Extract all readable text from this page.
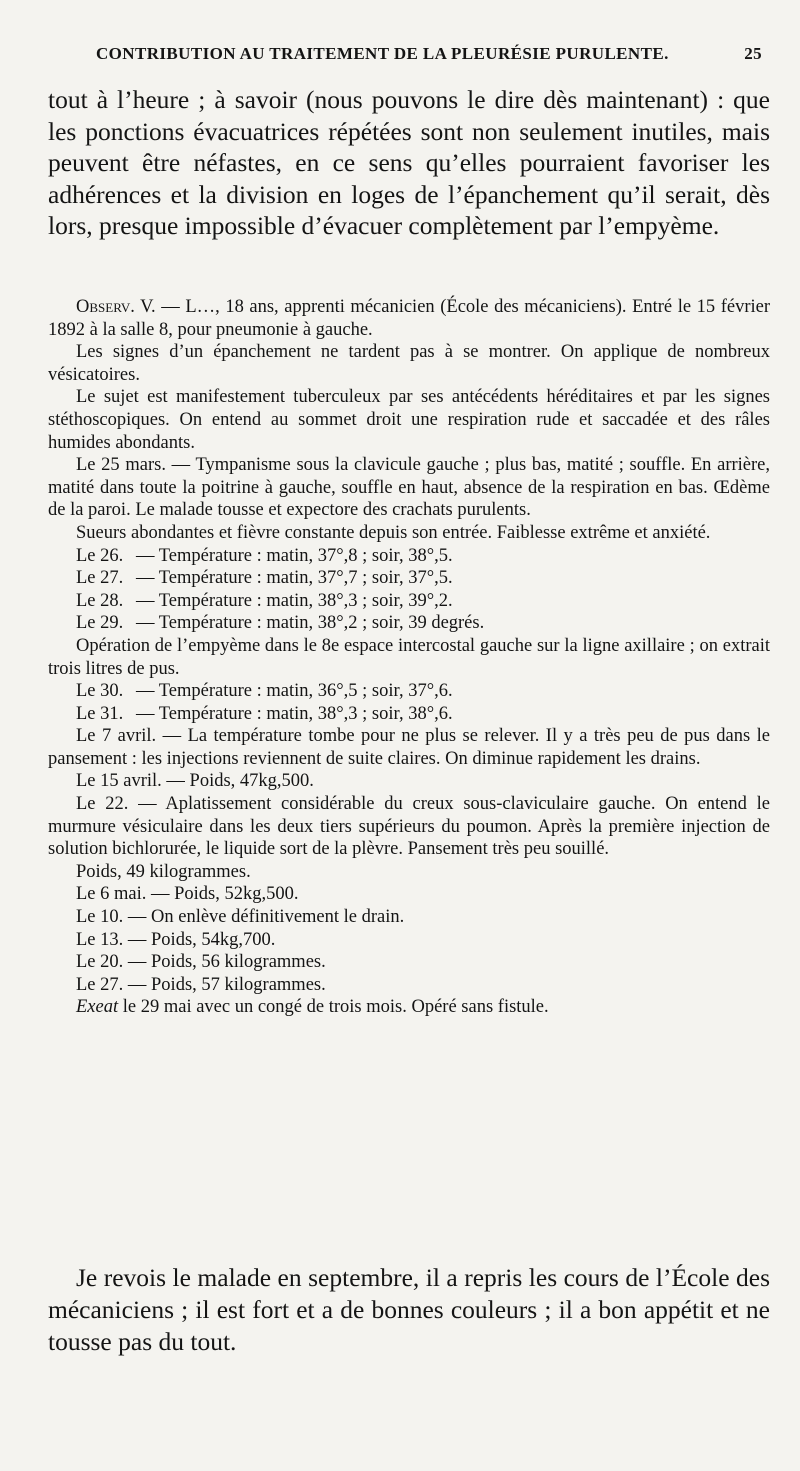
CONTRIBUTION AU TRAITEMENT DE LA PLEURÉSIE PURULENTE.	25
tout à l’heure ; à savoir (nous pouvons le dire dès maintenant) : que les ponctions évacuatrices répétées sont non seulement inutiles, mais peuvent être néfastes, en ce sens qu’elles pourraient favoriser les adhérences et la division en loges de l’épanchement qu’il serait, dès lors, presque impossible d’évacuer complètement par l’empyème.

Observ. V. — L…, 18 ans, apprenti mécanicien (École des mécaniciens). Entré le 15 février 1892 à la salle 8, pour pneumonie à gauche.

Les signes d’un épanchement ne tardent pas à se montrer. On applique de nombreux vésicatoires.

Le sujet est manifestement tuberculeux par ses antécédents héréditaires et par les signes stéthoscopiques. On entend au sommet droit une respiration rude et saccadée et des râles humides abondants.

Le 25 mars. — Tympanisme sous la clavicule gauche ; plus bas, matité ; souffle. En arrière, matité dans toute la poitrine à gauche, souffle en haut, absence de la respiration en bas. Œdème de la paroi. Le malade tousse et expectore des crachats purulents.

Sueurs abondantes et fièvre constante depuis son entrée. Faiblesse extrême et anxiété.

Le 26. — Température : matin, 37°,8 ; soir, 38°,5.

Le 27. — Température : matin, 37°,7 ; soir, 37°,5.

Le 28. — Température : matin, 38°,3 ; soir, 39°,2.

Le 29. — Température : matin, 38°,2 ; soir, 39 degrés.

Opération de l’empyème dans le 8e espace intercostal gauche sur la ligne axillaire ; on extrait trois litres de pus.

Le 30. — Température : matin, 36°,5 ; soir, 37°,6.

Le 31. — Température : matin, 38°,3 ; soir, 38°,6.

Le 7 avril. — La température tombe pour ne plus se relever. Il y a très peu de pus dans le pansement : les injections reviennent de suite claires. On diminue rapidement les drains.

Le 15 avril. — Poids, 47kg,500.

Le 22. — Aplatissement considérable du creux sous-claviculaire gauche. On entend le murmure vésiculaire dans les deux tiers supérieurs du poumon. Après la première injection de solution bichlorurée, le liquide sort de la plèvre. Pansement très peu souillé.

Poids, 49 kilogrammes.

Le 6 mai. — Poids, 52kg,500.

Le 10. — On enlève définitivement le drain.

Le 13. — Poids, 54kg,700.

Le 20. — Poids, 56 kilogrammes.

Le 27. — Poids, 57 kilogrammes.

Exeat le 29 mai avec un congé de trois mois. Opéré sans fistule.

Je revois le malade en septembre, il a repris les cours de l’École des mécaniciens ; il est fort et a de bonnes couleurs ; il a bon appétit et ne tousse pas du tout.
